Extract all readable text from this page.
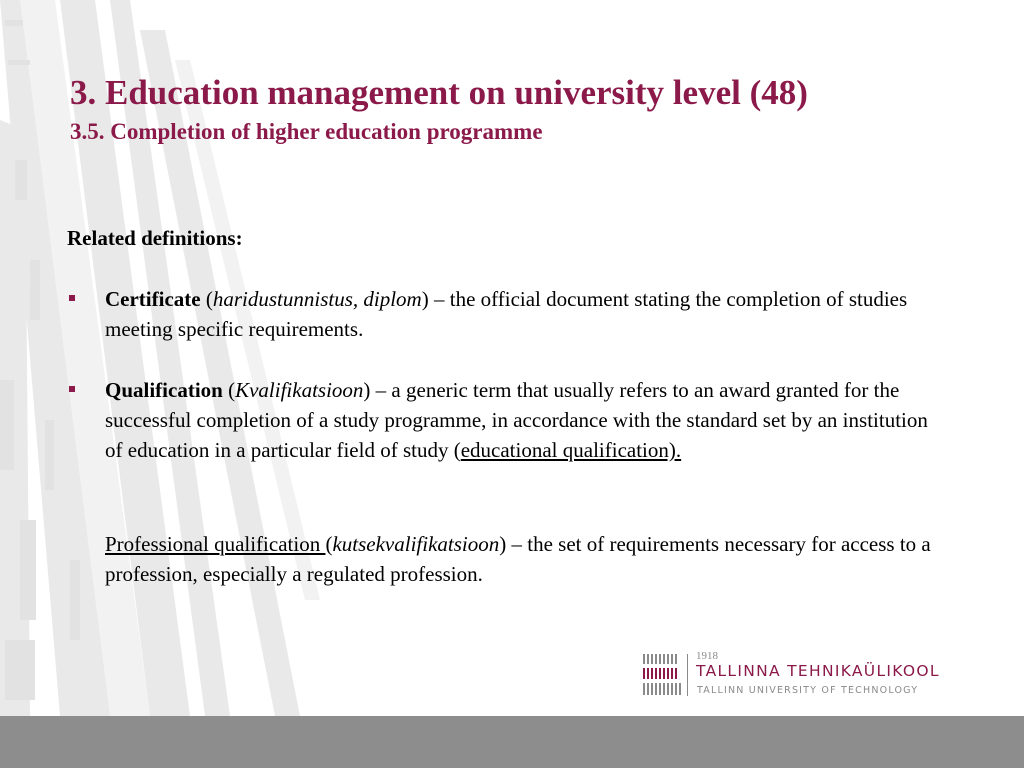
3. Education management on university level (48)
3.5. Completion of higher education programme

Related definitions:

Certificate (haridustunnistus, diplom) – the official document stating the completion of studies meeting specific requirements.
Qualification (Kvalifikatsioon) – a generic term that usually refers to an award granted for the successful completion of a study programme, in accordance with the standard set by an institution of education in a particular field of study (educational qualification).
Professional qualification (kutsekvalifikatsioon) – the set of requirements necessary for access to a profession, especially a regulated profession.
1918
TALLINNA TEHNIKAÜLIKOOL
TALLINN UNIVERSITY OF TECHNOLOGY
